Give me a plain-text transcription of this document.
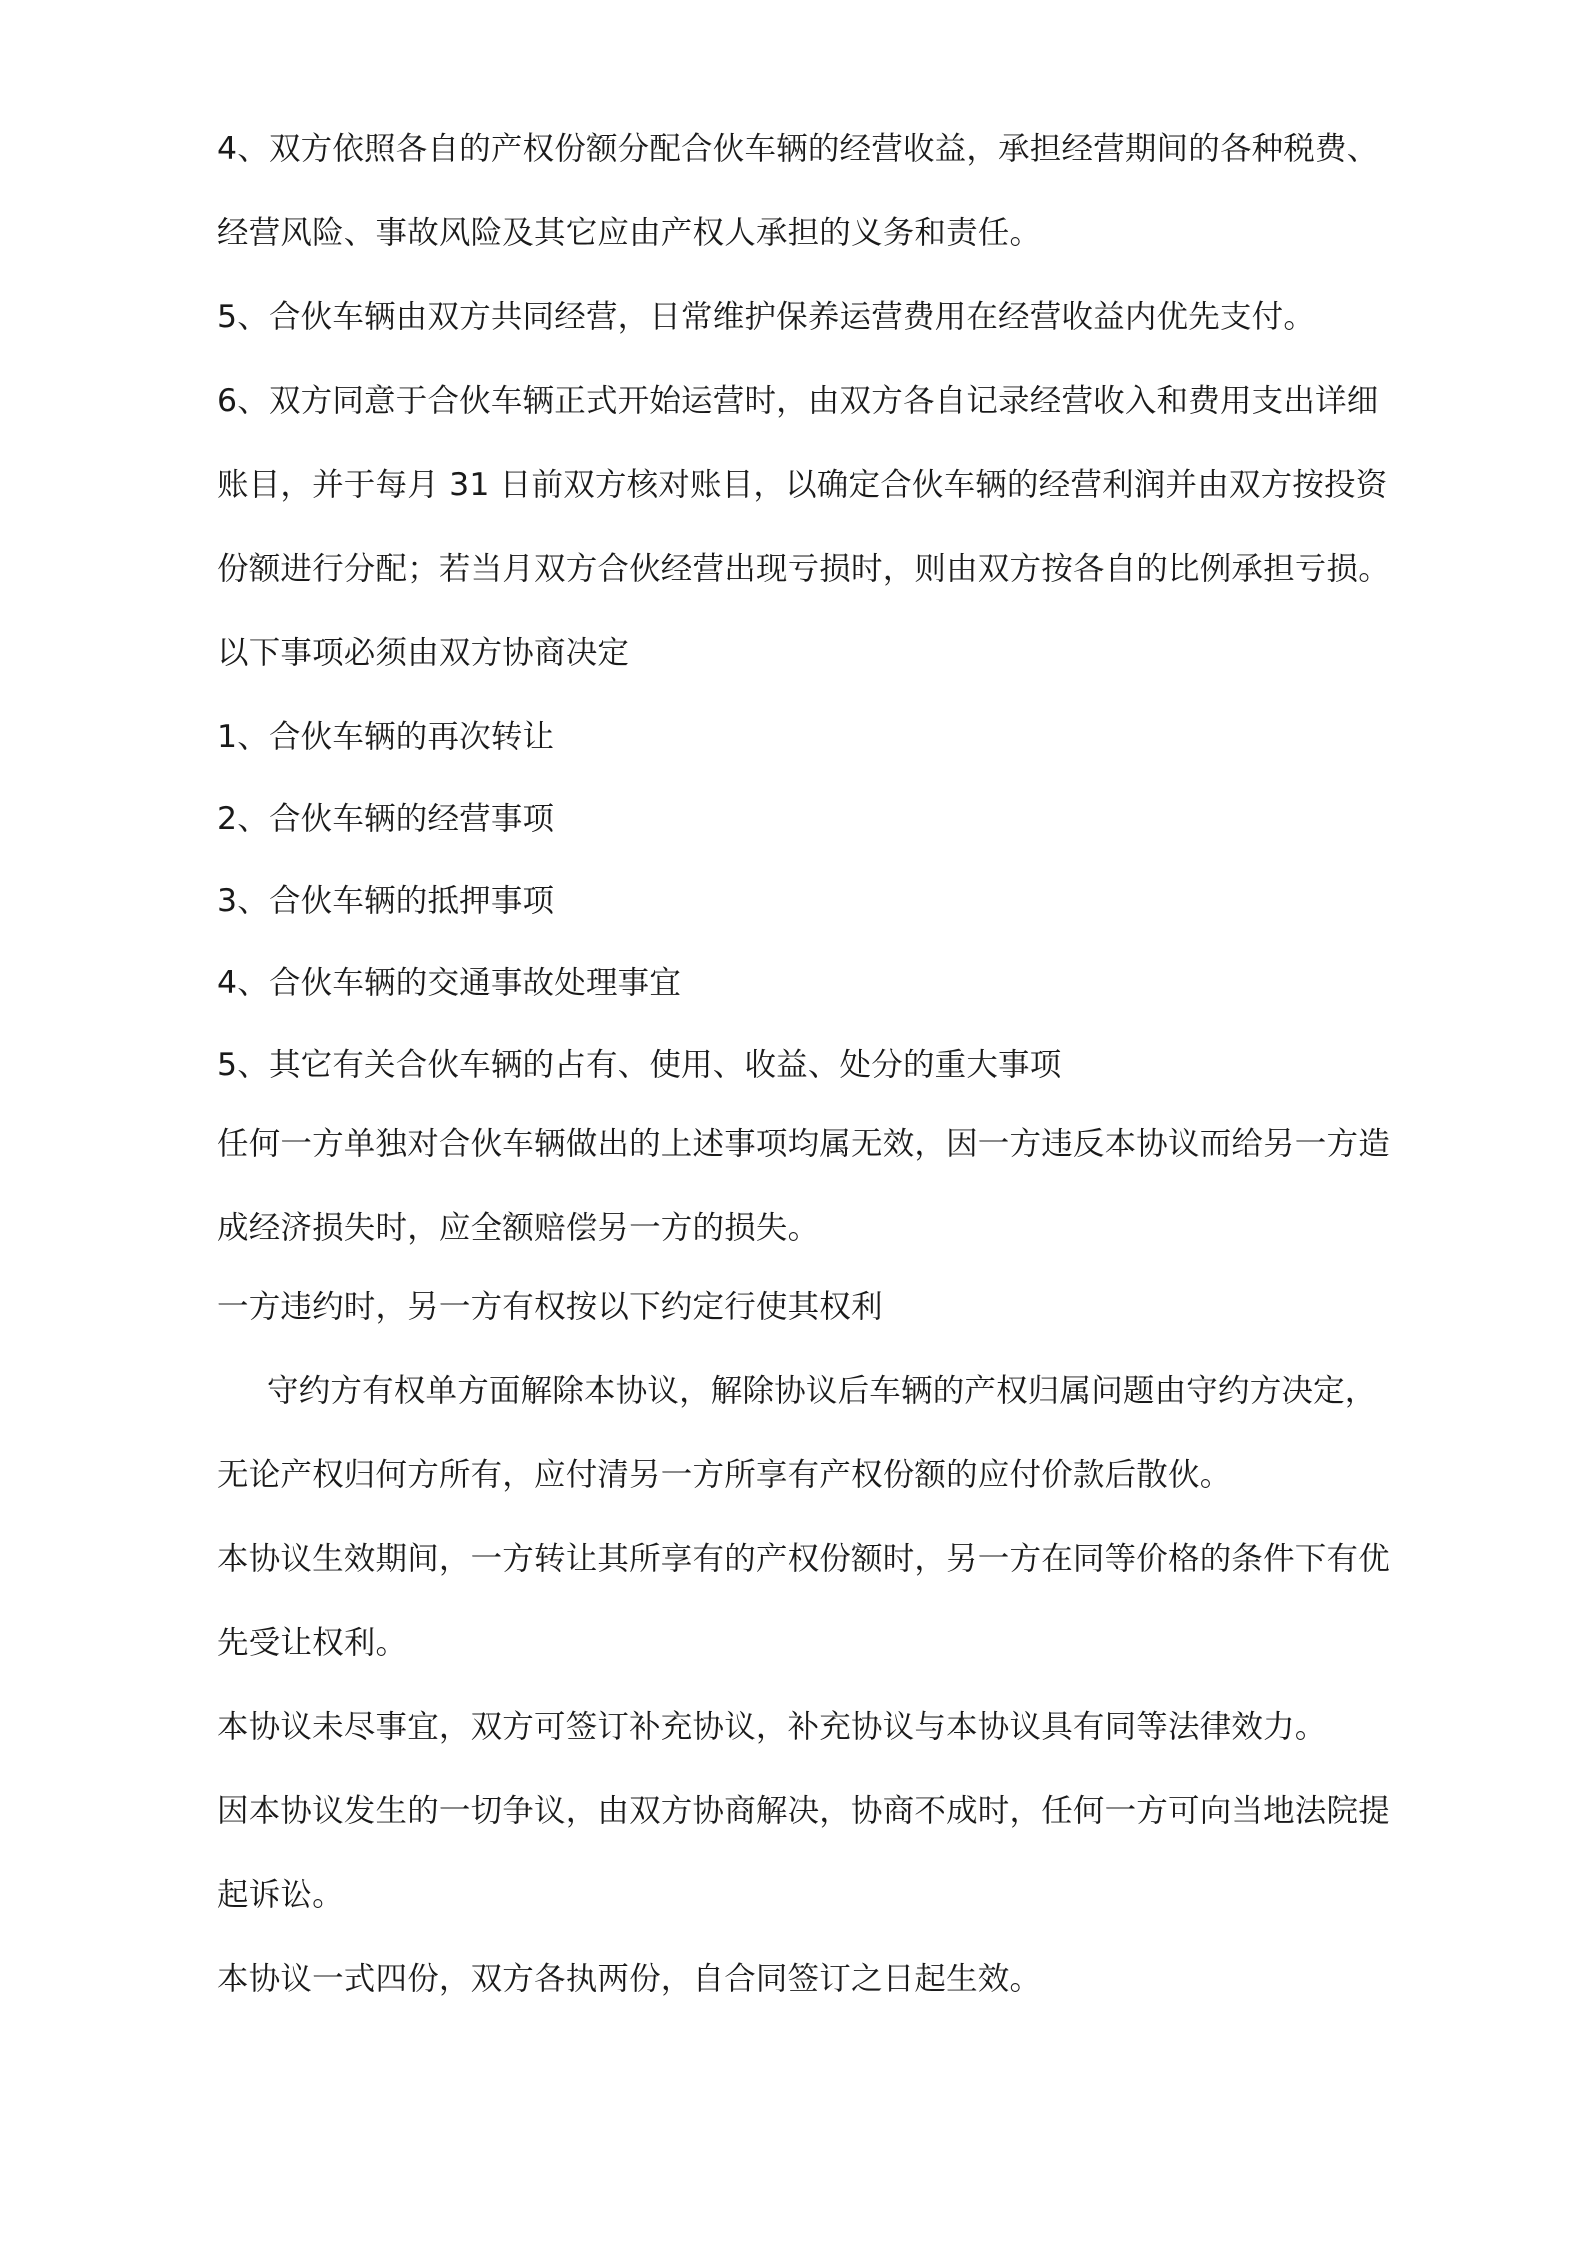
4、双方依照各自的产权份额分配合伙车辆的经营收益，承担经营期间的各种税费、
经营风险、事故风险及其它应由产权人承担的义务和责任。
5、合伙车辆由双方共同经营，日常维护保养运营费用在经营收益内优先支付。
6、双方同意于合伙车辆正式开始运营时，由双方各自记录经营收入和费用支出详细
账目，并于每月 31 日前双方核对账目，以确定合伙车辆的经营利润并由双方按投资
份额进行分配；若当月双方合伙经营出现亏损时，则由双方按各自的比例承担亏损。
以下事项必须由双方协商决定
1、合伙车辆的再次转让
2、合伙车辆的经营事项
3、合伙车辆的抵押事项
4、合伙车辆的交通事故处理事宜
5、其它有关合伙车辆的占有、使用、收益、处分的重大事项
任何一方单独对合伙车辆做出的上述事项均属无效，因一方违反本协议而给另一方造
成经济损失时，应全额赔偿另一方的损失。
一方违约时，另一方有权按以下约定行使其权利
守约方有权单方面解除本协议，解除协议后车辆的产权归属问题由守约方决定，
无论产权归何方所有，应付清另一方所享有产权份额的应付价款后散伙。
本协议生效期间，一方转让其所享有的产权份额时，另一方在同等价格的条件下有优
先受让权利。
本协议未尽事宜，双方可签订补充协议，补充协议与本协议具有同等法律效力。
因本协议发生的一切争议，由双方协商解决，协商不成时，任何一方可向当地法院提
起诉讼。
本协议一式四份，双方各执两份，自合同签订之日起生效。
